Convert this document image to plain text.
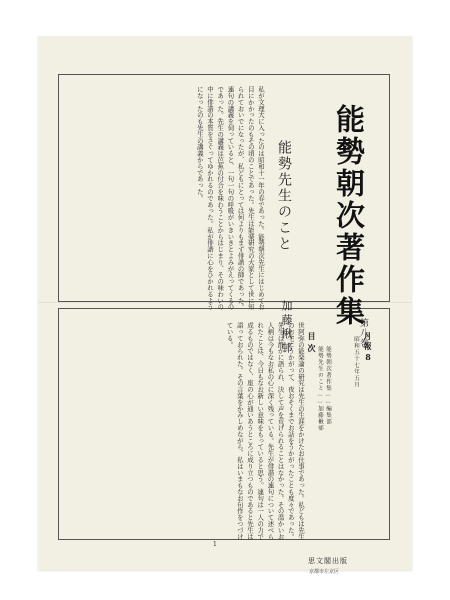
能勢朝次著作集
第八巻
能勢先生のこと
加藤楸邨
私が文理大に入ったのは昭和十一年の春であった。能勢朝次先生にはじめてお目にかかったのもその頃のことであった。先生は能楽研究の大家として世に知られておいでになったが、私どもにとっては何よりもまず俳諧の師であった。連句の講義を伺っていると、一句一句の呼吸がいきいきとよみがえってくるのであった。先生の講義は芭蕉の付合を味わうことからはじまり、その味わいの中に俳諧の本質をさぐってゆかれるのであった。私が俳諧に心をひかれるようになったのも先生の講義からであった。
世阿弥の能楽論の研究は先生の生涯をかけたお仕事であった。私どもは先生のお宅にうかがって、夜おそくまでお話をうかがったことも度々であった。先生は静かに語られ、決して声を荒げられることはなかった。その温かいお人柄は今もなお私の心に深く残っている。先生が俳諧の連句について述べられたことは、今日もなお新しい意味をもっていると思う。連句は一人の力で成るものではなく、座の心が通いあうところに成り立つものであると先生は語っておられた。その言葉をかみしめながら、私はいまもなお句作をつづけている。	月報8
昭和五十七年五月
目次
能勢先生のこと……加藤楸邨 能勢朝次著作集……編集部
1
思文閣出版
京都市左京区
